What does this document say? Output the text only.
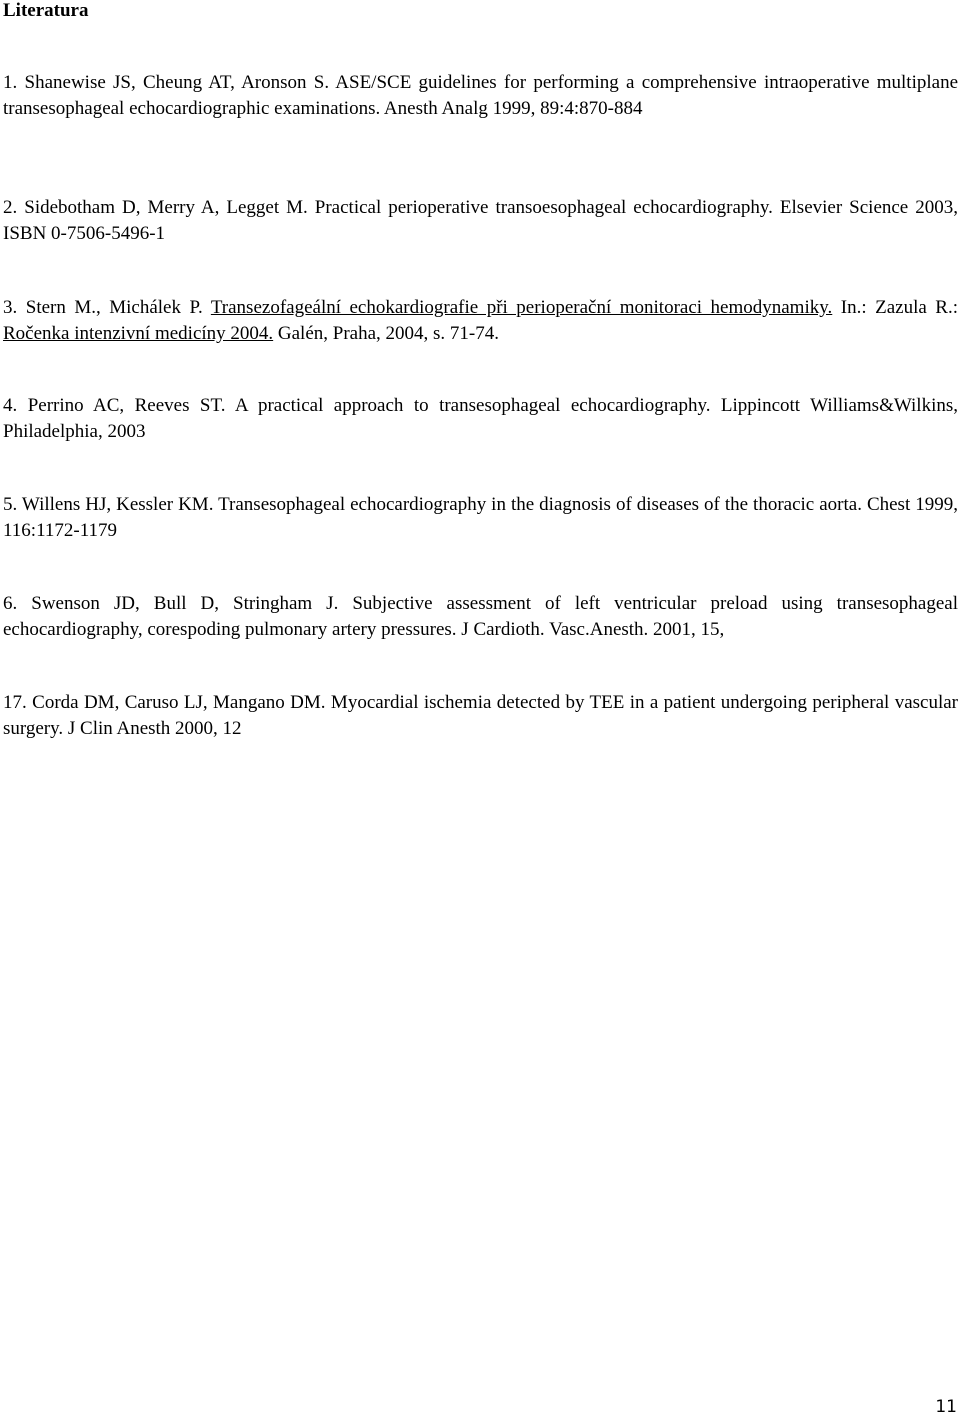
Literatura

1. Shanewise JS, Cheung AT, Aronson S. ASE/SCE guidelines for performing a comprehensive intraoperative multiplane transesophageal echocardiographic examinations. Anesth Analg 1999, 89:4:870-884

2. Sidebotham D, Merry A, Legget M. Practical perioperative transoesophageal echocardiography. Elsevier Science 2003, ISBN 0-7506-5496-1

3. Stern M., Michálek P. Transezofageální echokardiografie při perioperační monitoraci hemodynamiky. In.: Zazula R.: Ročenka intenzivní medicíny 2004. Galén, Praha, 2004, s. 71-74.

4. Perrino AC, Reeves ST. A practical approach to transesophageal echocardiography. Lippincott Williams&Wilkins, Philadelphia, 2003

5. Willens HJ, Kessler KM. Transesophageal echocardiography in the diagnosis of diseases of the thoracic aorta. Chest 1999, 116:1172-1179

6. Swenson JD, Bull D, Stringham J. Subjective assessment of left ventricular preload using transesophageal echocardiography, corespoding pulmonary artery pressures. J Cardioth. Vasc.Anesth. 2001, 15,

17. Corda DM, Caruso LJ, Mangano DM. Myocardial ischemia detected by TEE in a patient undergoing peripheral vascular surgery. J Clin Anesth 2000, 12

11
